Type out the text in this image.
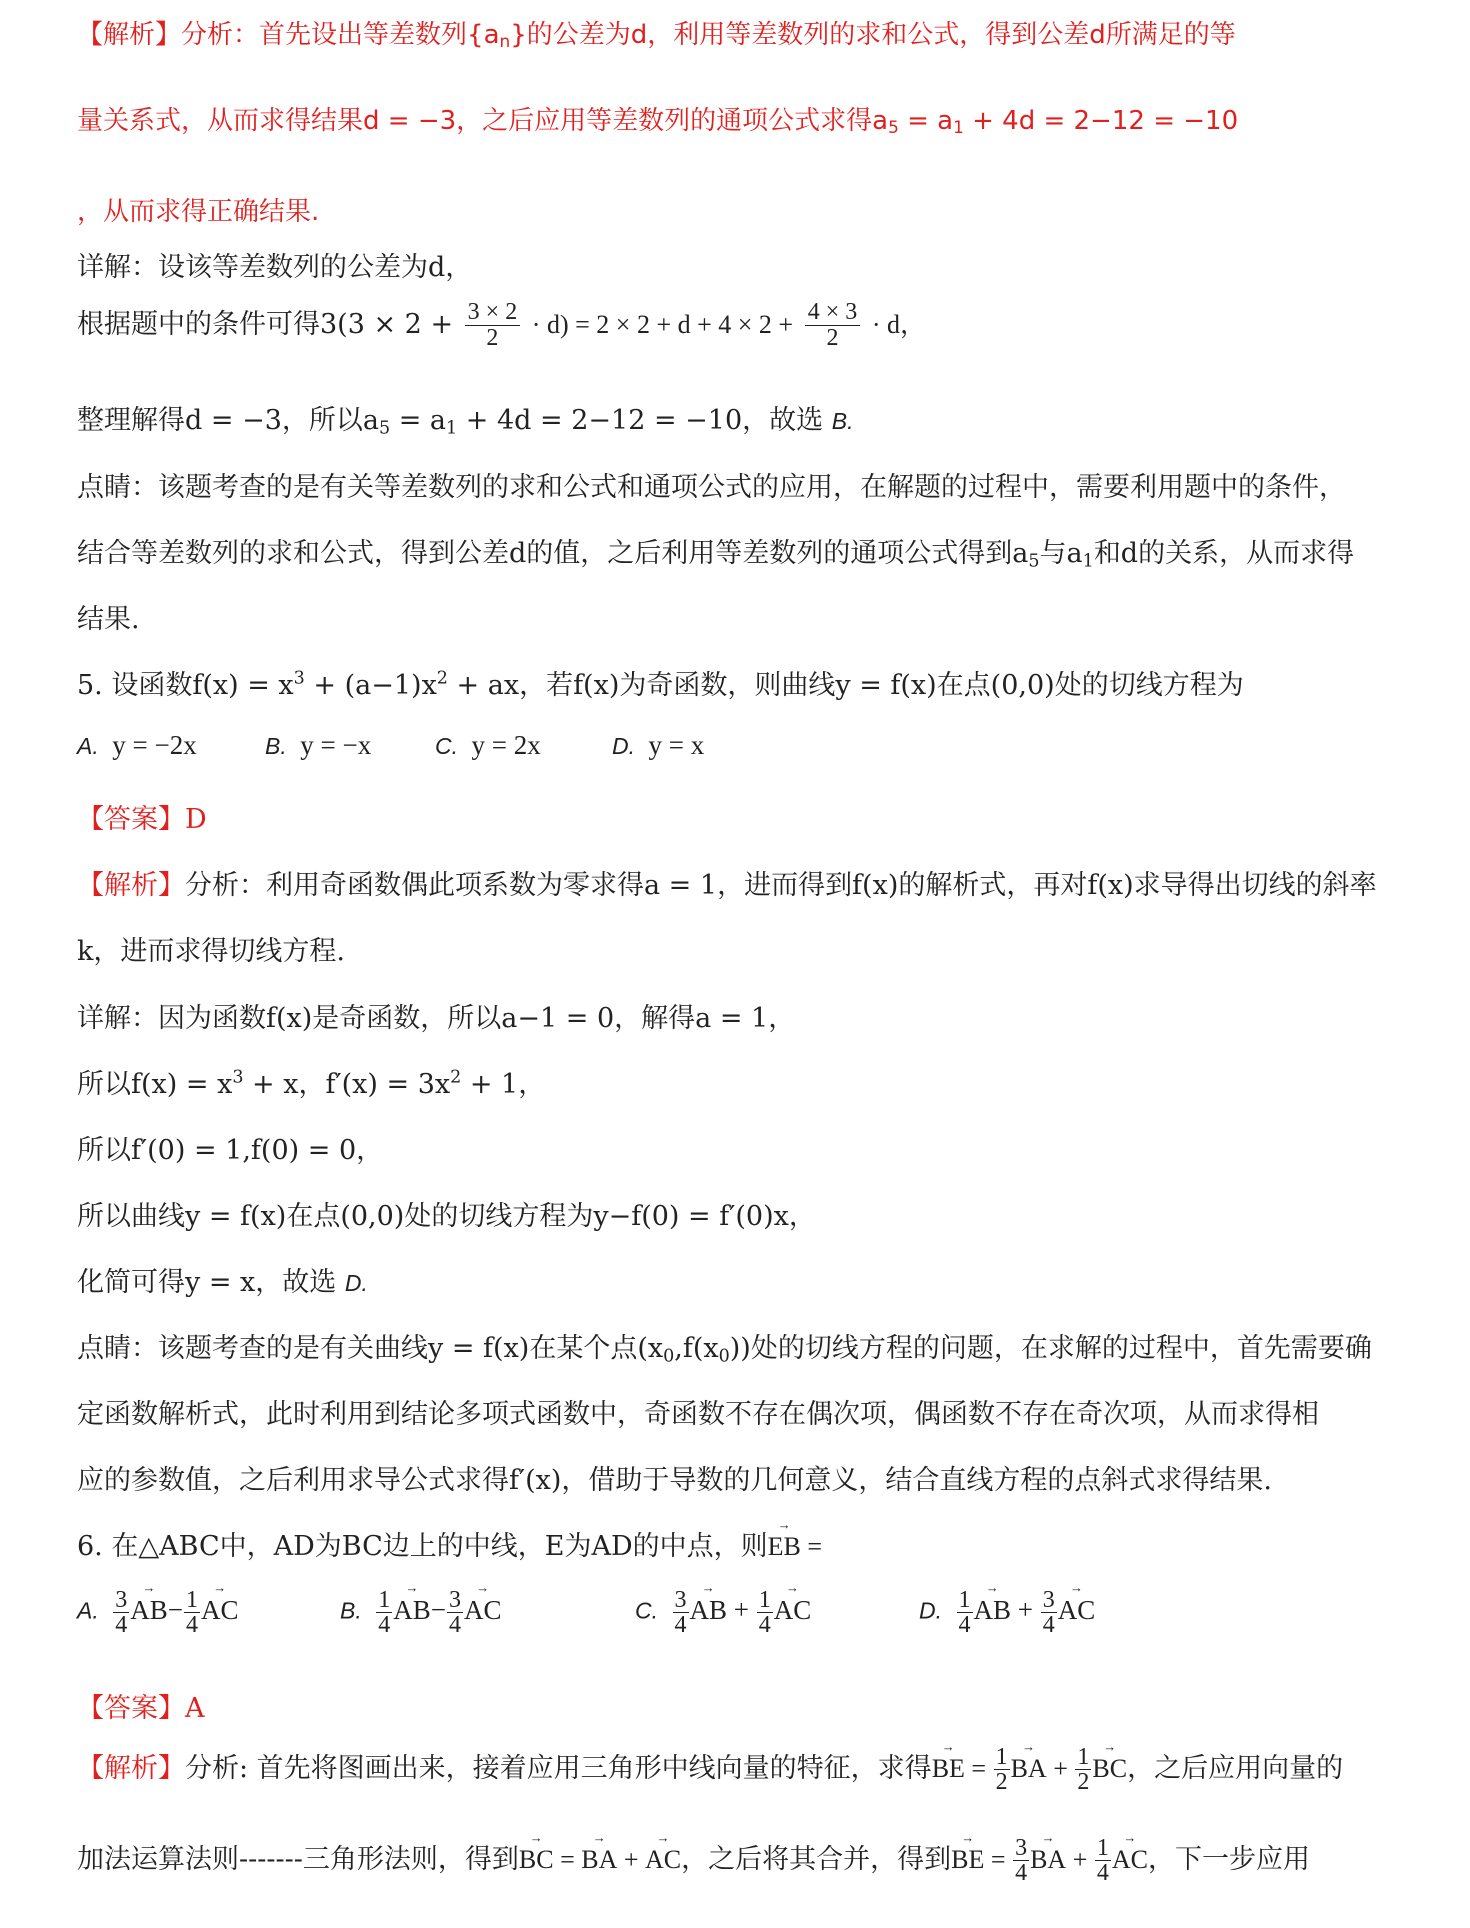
【解析】分析：首先设出等差数列$\{a_n\}$的公差为d，利用等差数列的求和公式，得到公差d所满足的等
量关系式，从而求得结果d = −3，之后应用等差数列的通项公式求得$a_5 = a_1 + 4d = 2-12 = -10$
，从而求得正确结果.
详解：设该等差数列的公差为d，
根据题中的条件可得$3(3 \times 2 + \frac{3 \times 2}{2} \cdot d) = 2 \times 2 + d + 4 \times 2 + \frac{4 \times 3}{2} \cdot d$，
整理解得d = −3，所以$a_5 = a_1 + 4d = 2-12 = -10$，故选 B.
点睛：该题考查的是有关等差数列的求和公式和通项公式的应用，在解题的过程中，需要利用题中的条件，
结合等差数列的求和公式，得到公差d的值，之后利用等差数列的通项公式得到$a_5$与$a_1$和d的关系，从而求得
结果.
5. 设函数$f(x) = x^3 + (a-1)x^2$ + ax，若f(x)为奇函数，则曲线y = f(x)在点(0,0)处的切线方程为
A. y = −2x	B. y = −x	C. y = 2x	D. y = x
【答案】D
【解析】分析：利用奇函数偶此项系数为零求得a = 1，进而得到f(x)的解析式，再对f(x)求导得出切线的斜率
k，进而求得切线方程.
详解：因为函数f(x)是奇函数，所以a−1 = 0，解得a = 1，
所以$f(x) = x^3 + x$，$f'(x) = 3x^2 + 1$，
所以f′(0) = 1,f(0) = 0，
所以曲线y = f(x)在点(0,0)处的切线方程为y−f(0) = f′(0)x，
化简可得y = x，故选 D.
点睛：该题考查的是有关曲线y = f(x)在某个点$(x_0,f(x_0))$处的切线方程的问题，在求解的过程中，首先需要确
定函数解析式，此时利用到结论多项式函数中，奇函数不存在偶次项，偶函数不存在奇次项，从而求得相
应的参数值，之后利用求导公式求得f′(x)，借助于导数的几何意义，结合直线方程的点斜式求得结果.
6. 在△ABC中，AD为BC边上的中线，E为AD的中点，则→ EB =
A. $\frac{3}{4}$
→ $AB- \frac{1}{4}$
→ AC	B. $\frac{1}{4}$
→ $AB- \frac{3}{4}$
→ AC	C. $\frac{3}{4}$
→ AB + $\frac{1}{4}$
→ AC	D. $\frac{1}{4}$
→ AB + $\frac{3}{4}$
→ AC
【答案】A
【解析】分析: 首先将图画出来，接着应用三角形中线向量的特征，求得→ BE = $\frac{1}{2}$
→ BA + $\frac{1}{2}$
→ BC，之后应用向量的
加法运算法则-------三角形法则，得到→ BC = → BA + → AC，之后将其合并，得到→ BE = $\frac{3}{4}$
→ BA + $\frac{1}{4}$
→ AC，下一步应用
